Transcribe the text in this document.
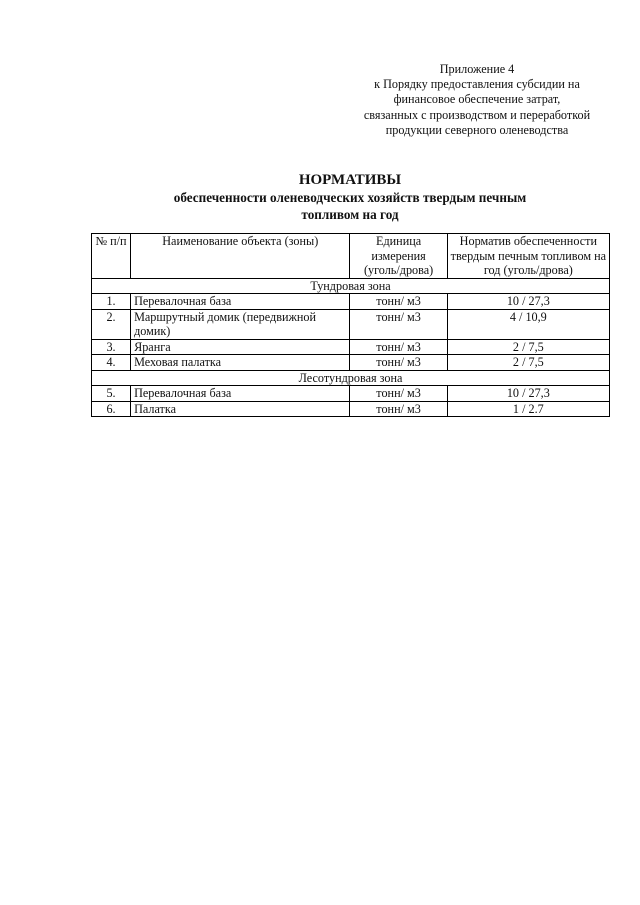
Приложение 4
к Порядку предоставления субсидии на
финансовое обеспечение затрат,
связанных с производством и переработкой
продукции северного оленеводства
НОРМАТИВЫ
обеспеченности оленеводческих хозяйств твердым печным
топливом на год
№ п/п	Наименование объекта (зоны)	Единица измерения (уголь/дрова)	Норматив обеспеченности твердым печным топливом на год (уголь/дрова)
Тундровая зона			
1.	Перевалочная база	тонн/ м3	10 / 27,3
2.	Маршрутный домик (передвижной домик)	тонн/ м3	4 / 10,9
3.	Яранга	тонн/ м3	2 / 7,5
4.	Меховая палатка	тонн/ м3	2 / 7,5
Лесотундровая зона			
5.	Перевалочная база	тонн/ м3	10 / 27,3
6.	Палатка	тонн/ м3	1 / 2.7
